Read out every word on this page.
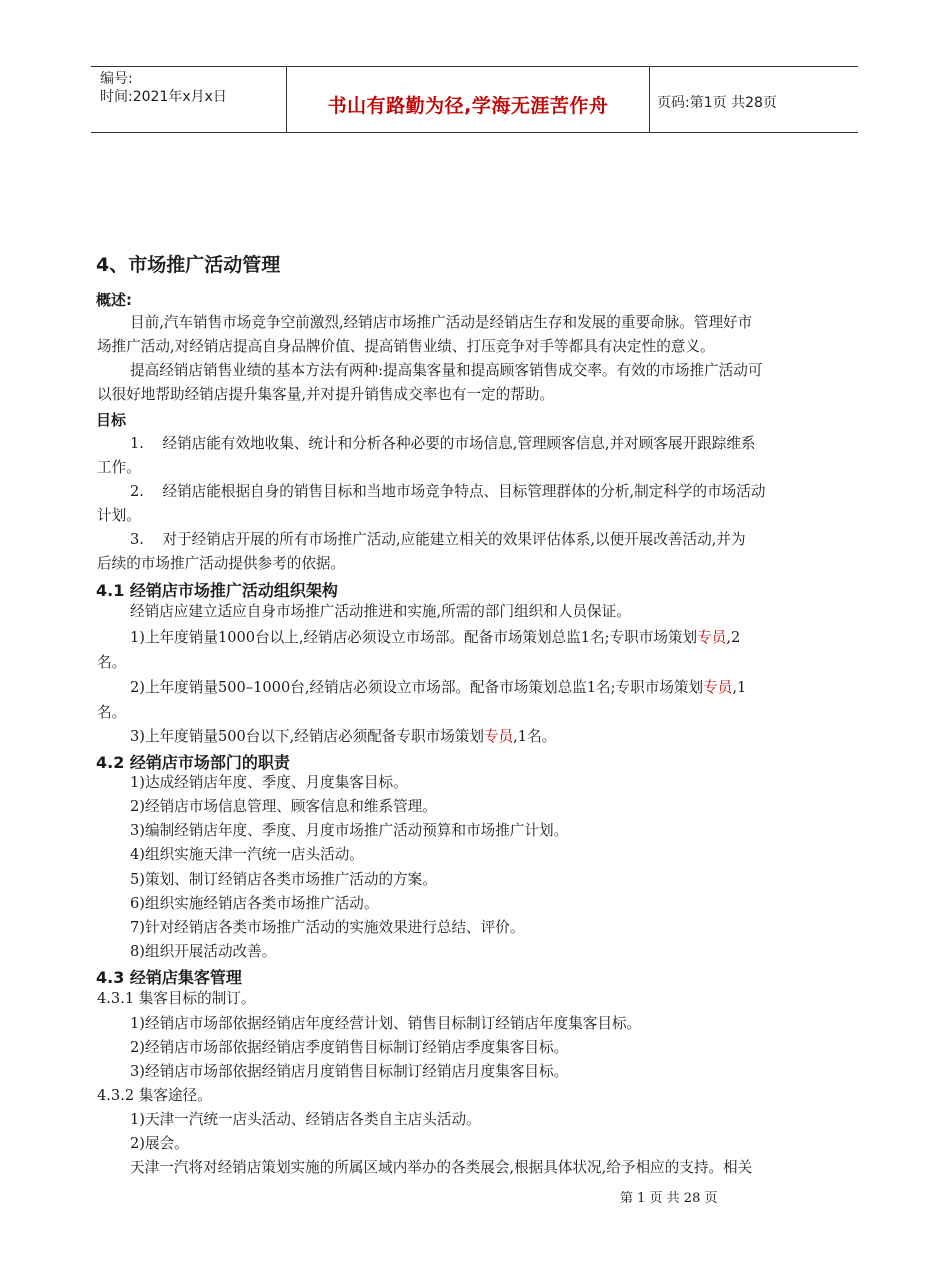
编号:
时间:2021年x月x日	书山有路勤为径,学海无涯苦作舟	页码:第1页 共28页
4、市场推广活动管理
概述:
目前,汽车销售市场竞争空前激烈,经销店市场推广活动是经销店生存和发展的重要命脉。管理好市
场推广活动,对经销店提高自身品牌价值、提高销售业绩、打压竞争对手等都具有决定性的意义。
提高经销店销售业绩的基本方法有两种:提高集客量和提高顾客销售成交率。有效的市场推广活动可
以很好地帮助经销店提升集客量,并对提升销售成交率也有一定的帮助。
目标
1.    经销店能有效地收集、统计和分析各种必要的市场信息,管理顾客信息,并对顾客展开跟踪维系
工作。
2.    经销店能根据自身的销售目标和当地市场竞争特点、目标管理群体的分析,制定科学的市场活动
计划。
3.    对于经销店开展的所有市场推广活动,应能建立相关的效果评估体系,以便开展改善活动,并为
后续的市场推广活动提供参考的依据。
4.1 经销店市场推广活动组织架构
经销店应建立适应自身市场推广活动推进和实施,所需的部门组织和人员保证。
1)上年度销量1000台以上,经销店必须设立市场部。配备市场策划总监1名;专职市场策划专员,2
名。
2)上年度销量500–1000台,经销店必须设立市场部。配备市场策划总监1名;专职市场策划专员,1
名。
3)上年度销量500台以下,经销店必须配备专职市场策划专员,1名。
4.2 经销店市场部门的职责
1)达成经销店年度、季度、月度集客目标。
2)经销店市场信息管理、顾客信息和维系管理。
3)编制经销店年度、季度、月度市场推广活动预算和市场推广计划。
4)组织实施天津一汽统一店头活动。
5)策划、制订经销店各类市场推广活动的方案。
6)组织实施经销店各类市场推广活动。
7)针对经销店各类市场推广活动的实施效果进行总结、评价。
8)组织开展活动改善。
4.3 经销店集客管理
4.3.1 集客目标的制订。
1)经销店市场部依据经销店年度经营计划、销售目标制订经销店年度集客目标。
2)经销店市场部依据经销店季度销售目标制订经销店季度集客目标。
3)经销店市场部依据经销店月度销售目标制订经销店月度集客目标。
4.3.2 集客途径。
1)天津一汽统一店头活动、经销店各类自主店头活动。
2)展会。
天津一汽将对经销店策划实施的所属区域内举办的各类展会,根据具体状况,给予相应的支持。相关
第 1 页 共 28 页
